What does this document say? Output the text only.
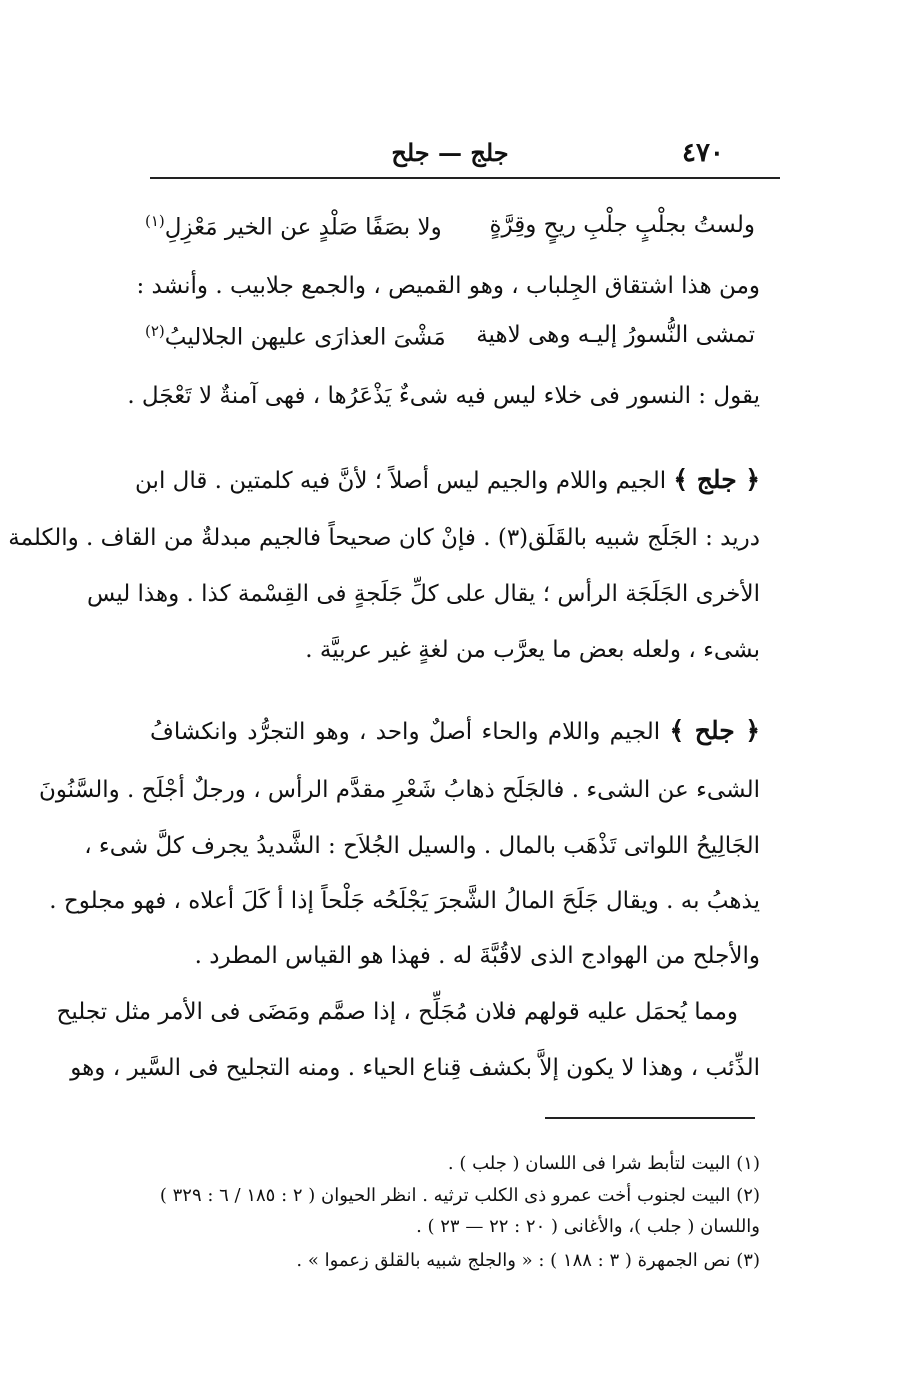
٤٧٠
جلج — جلح
ولستُ بجلْبٍ جلْبِ ريحٍ وقِرَّةٍ
ولا بصَفًا صَلْدٍ عن الخير مَعْزِلِ$^{(١)}$
ومن هذا اشتقاق الجِلباب ، وهو القميص ، والجمع جلابيب . وأنشد :
تمشى النُّسورُ إليـه وهى لاهية
مَشْىَ العذارَى عليهن الجلاليبُ$^{(٢)}$
يقول : النسور فى خلاء ليس فيه شىءٌ يَذْعَرُها ، فهى آمنةٌ لا تَعْجَل .
﴿ جلج ﴾ الجيم واللام والجيم ليس أصلاً ؛ لأنَّ فيه كلمتين . قال ابن
دريد : الجَلَج شبيه بالقَلَق(٣) . فإنْ كان صحيحاً فالجيم مبدلةٌ من القاف . والكلمة
الأخرى الجَلَجَة الرأس ؛ يقال على كلِّ جَلَجةٍ فى القِسْمة كذا . وهذا ليس
بشىء ، ولعله بعض ما يعرَّب من لغةٍ غير عربيَّة .
﴿ جلح ﴾ الجيم واللام والحاء أصلٌ واحد ، وهو التجرُّد وانكشافُ
الشىء عن الشىء . فالجَلَح ذهابُ شَعْرِ مقدَّم الرأس ، ورجلٌ أجْلَح . والسَّنُونَ
الجَالِيحُ اللواتى تَذْهَب بالمال . والسيل الجُلاَح : الشَّديدُ يجرف كلَّ شىء ،
يذهبُ به . ويقال جَلَحَ المالُ الشَّجرَ يَجْلَحُه جَلْحاً إذا أ كَلَ أعلاه ، فهو مجلوح .
والأجلح من الهوادج الذى لاقُبَّةَ له . فهذا هو القياس المطرد .
ومما يُحمَل عليه قولهم فلان مُجَلِّح ، إذا صمَّم ومَضَى فى الأمر مثل تجليح
الذِّئب ، وهذا لا يكون إلاَّ بكشف قِناع الحياء . ومنه التجليح فى السَّير ، وهو
(١) البيت لتأبط شرا فى اللسان ( جلب ) .
(٢) البيت لجنوب أخت عمرو ذى الكلب ترثيه . انظر الحيوان ( ٢ : ١٨٥ / ٦ : ٣٢٩ )
واللسان ( جلب )، والأغانى ( ٢٠ : ٢٢ — ٢٣ ) .
(٣) نص الجمهرة ( ٣ : ١٨٨ ) : « والجلج شبيه بالقلق زعموا » .
